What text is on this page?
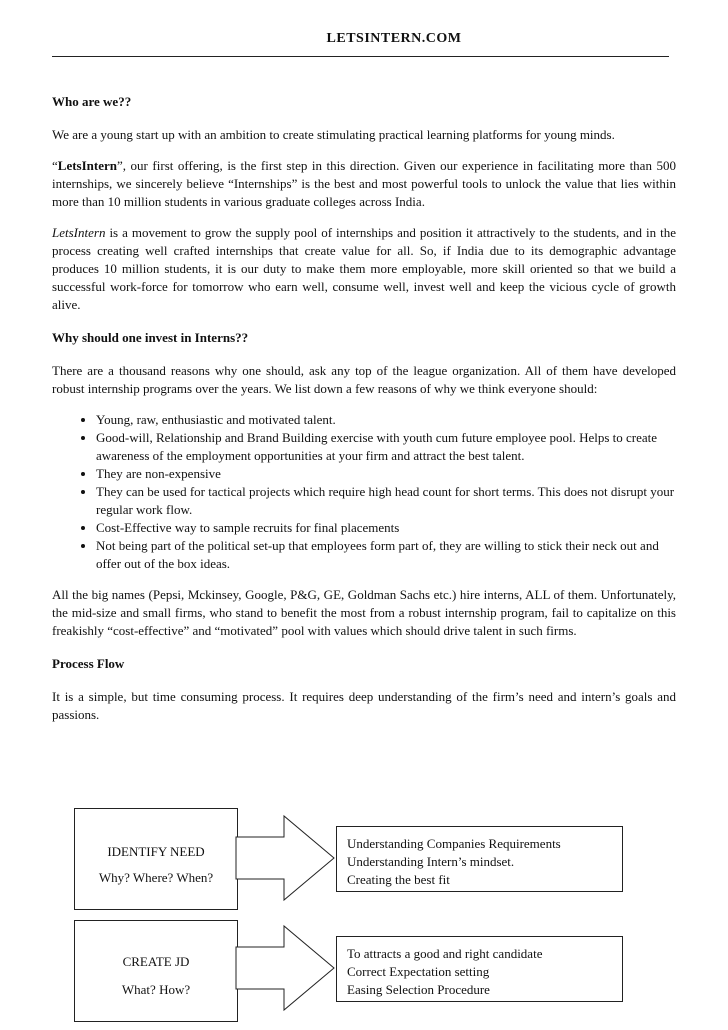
LETSINTERN.COM
Who are we??

We are a young start up with an ambition to create stimulating practical learning platforms for young minds.

“LetsIntern”, our first offering, is the first step in this direction. Given our experience in facilitating more than 500 internships, we sincerely believe “Internships” is the best and most powerful tools to unlock the value that lies within more than 10 million students in various graduate colleges across India.

LetsIntern is a movement to grow the supply pool of internships and position it attractively to the students, and in the process creating well crafted internships that create value for all. So, if India due to its demographic advantage produces 10 million students, it is our duty to make them more employable, more skill oriented so that we build a successful work-force for tomorrow who earn well, consume well, invest well and keep the vicious cycle of growth alive.

Why should one invest in Interns??

There are a thousand reasons why one should, ask any top of the league organization. All of them have developed robust internship programs over the years. We list down a few reasons of why we think everyone should:

• Young, raw, enthusiastic and motivated talent.
• Good-will, Relationship and Brand Building exercise with youth cum future employee pool. Helps to create awareness of the employment opportunities at your firm and attract the best talent.
• They are non-expensive
• They can be used for tactical projects which require high head count for short terms. This does not disrupt your regular work flow.
• Cost-Effective way to sample recruits for final placements
• Not being part of the political set-up that employees form part of, they are willing to stick their neck out and offer out of the box ideas.

All the big names (Pepsi, Mckinsey, Google, P&G, GE, Goldman Sachs etc.) hire interns, ALL of them. Unfortunately, the mid-size and small firms, who stand to benefit the most from a robust internship program, fail to capitalize on this freakishly “cost-effective” and “motivated” pool with values which should drive talent in such firms.

Process Flow

It is a simple, but time consuming process. It requires deep understanding of the firm’s need and intern’s goals and passions.

IDENTIFY NEED
Why? Where? When?
Understanding Companies Requirements
Understanding Intern’s mindset.
Creating the best fit
CREATE JD
What? How?
To attracts a good and right candidate
Correct Expectation setting
Easing Selection Procedure
